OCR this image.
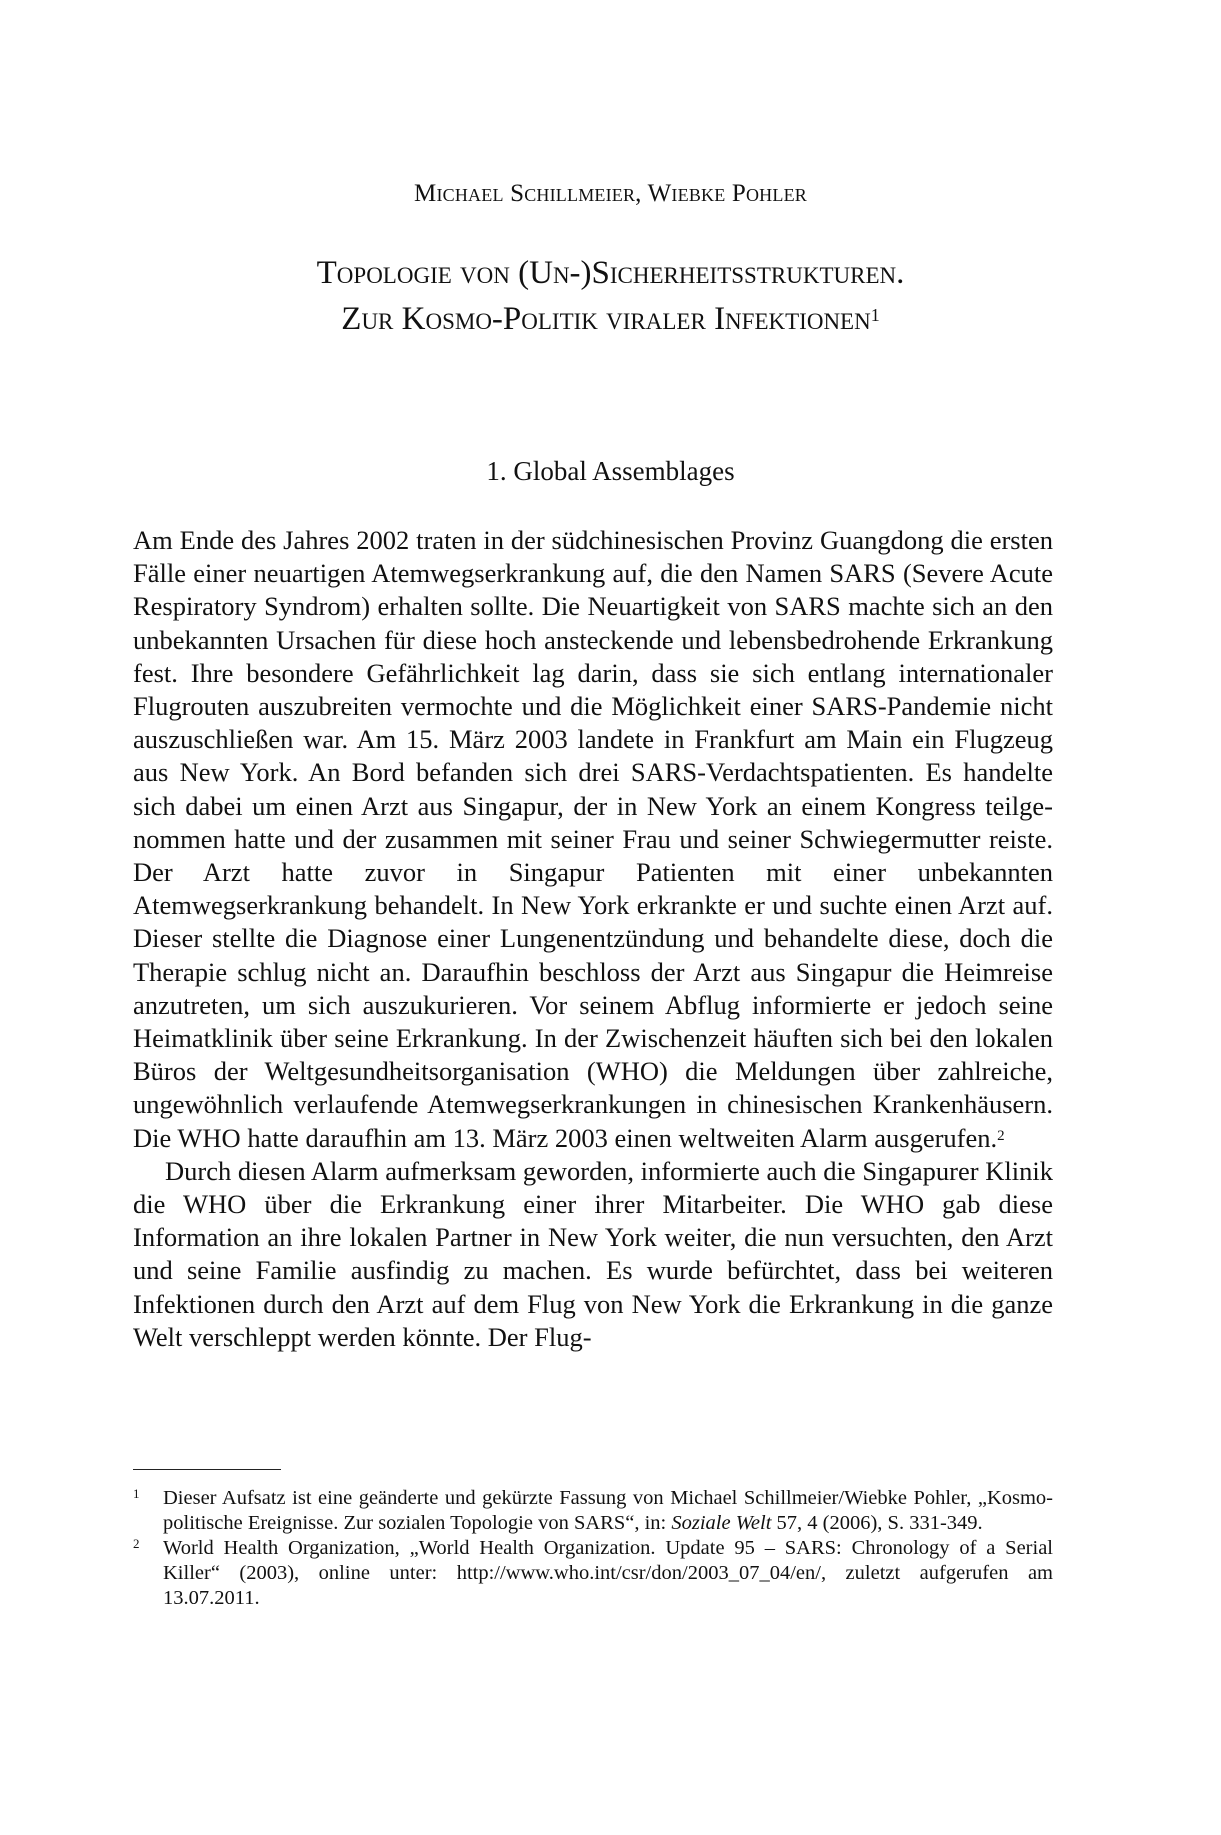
Michael Schillmeier, Wiebke Pohler
Topologie von (Un-)Sicherheitsstrukturen.
Zur Kosmo-Politik viraler Infektionen$^1$
1. Global Assemblages

Am Ende des Jahres 2002 traten in der südchinesischen Provinz Guangdong die ersten Fälle einer neuartigen Atemwegserkrankung auf, die den Namen SARS (Severe Acute Respiratory Syndrom) erhalten sollte. Die Neuartigkeit von SARS machte sich an den unbekannten Ursachen für diese hoch ansteckende und lebensbedrohende Erkrankung fest. Ihre besondere Gefährlichkeit lag darin, dass sie sich entlang internationaler Flugrouten auszubreiten vermochte und die Möglichkeit einer SARS-Pandemie nicht auszuschließen war. Am 15. März 2003 landete in Frankfurt am Main ein Flugzeug aus New York. An Bord befanden sich drei SARS-Verdachtspatienten. Es handelte sich dabei um einen Arzt aus Singapur, der in New York an einem Kongress teilgenommen hatte und der zusammen mit seiner Frau und seiner Schwiegermutter reiste. Der Arzt hatte zuvor in Singapur Patienten mit einer unbekannten Atemwegserkrankung behandelt. In New York erkrankte er und suchte einen Arzt auf. Dieser stellte die Diagnose einer Lungenentzündung und behandelte diese, doch die Therapie schlug nicht an. Daraufhin beschloss der Arzt aus Singapur die Heimreise anzutreten, um sich auszukurieren. Vor seinem Abflug informierte er jedoch seine Heimatklinik über seine Erkrankung. In der Zwischenzeit häuften sich bei den lokalen Büros der Weltgesundheitsorganisation (WHO) die Meldungen über zahlreiche, ungewöhnlich verlaufende Atemwegserkrankungen in chinesischen Krankenhäusern. Die WHO hatte daraufhin am 13. März 2003 einen weltweiten Alarm ausgerufen.$^2$

Durch diesen Alarm aufmerksam geworden, informierte auch die Singapurer Klinik die WHO über die Erkrankung einer ihrer Mitarbeiter. Die WHO gab diese Information an ihre lokalen Partner in New York weiter, die nun versuchten, den Arzt und seine Familie ausfindig zu machen. Es wurde befürchtet, dass bei weiteren Infektionen durch den Arzt auf dem Flug von New York die Erkrankung in die ganze Welt verschleppt werden könnte. Der Flug-

1 Dieser Aufsatz ist eine geänderte und gekürzte Fassung von Michael Schillmeier/Wiebke Pohler, „Kosmo-politische Ereignisse. Zur sozialen Topologie von SARS“, in: Soziale Welt 57, 4 (2006), S. 331-349.
2 World Health Organization, „World Health Organization. Update 95 – SARS: Chronology of a Serial Killer“ (2003), online unter: http://www.who.int/csr/don/2003_07_04/en/, zuletzt aufgerufen am 13.07.2011.
